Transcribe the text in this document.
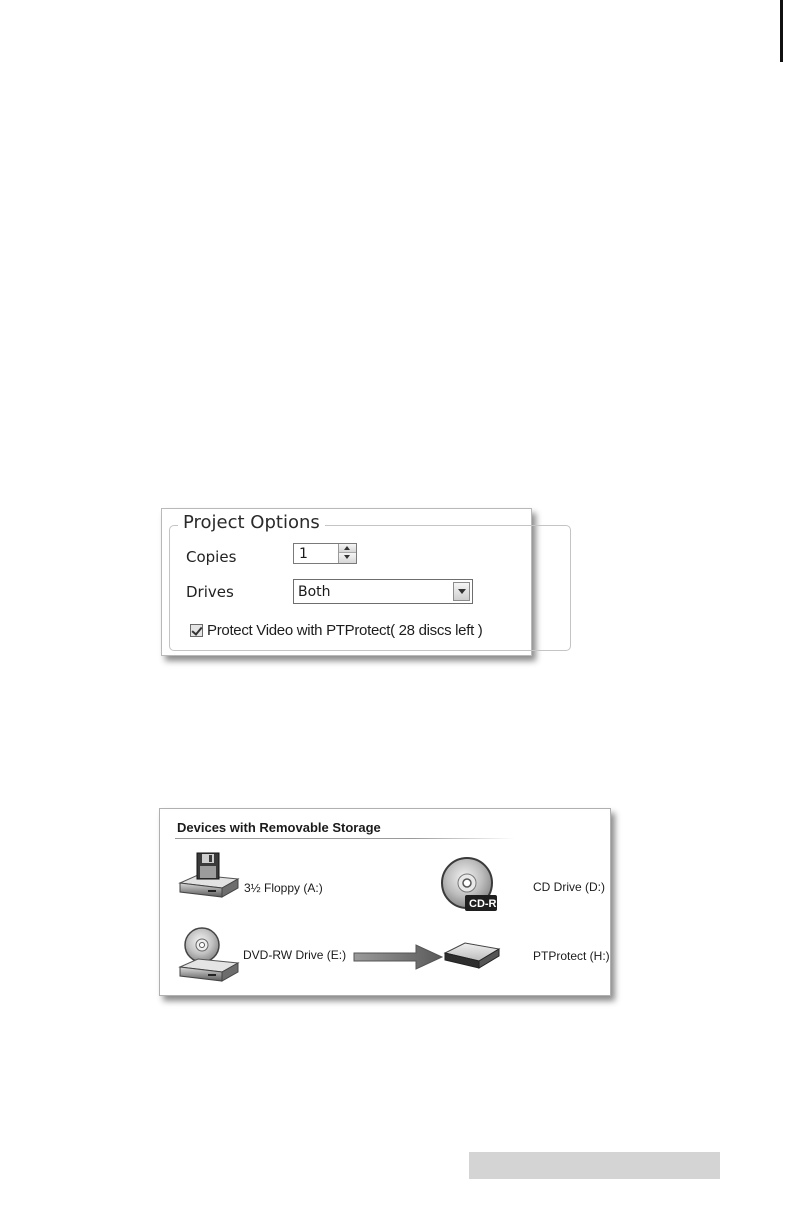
Project Options
Copies	1
Drives	Both
Protect Video with PTProtect( 28 discs left )
Devices with Removable Storage
3½ Floppy (A:)
CD-R
CD Drive (D:)
DVD-RW Drive (E:)	PTProtect (H:)
